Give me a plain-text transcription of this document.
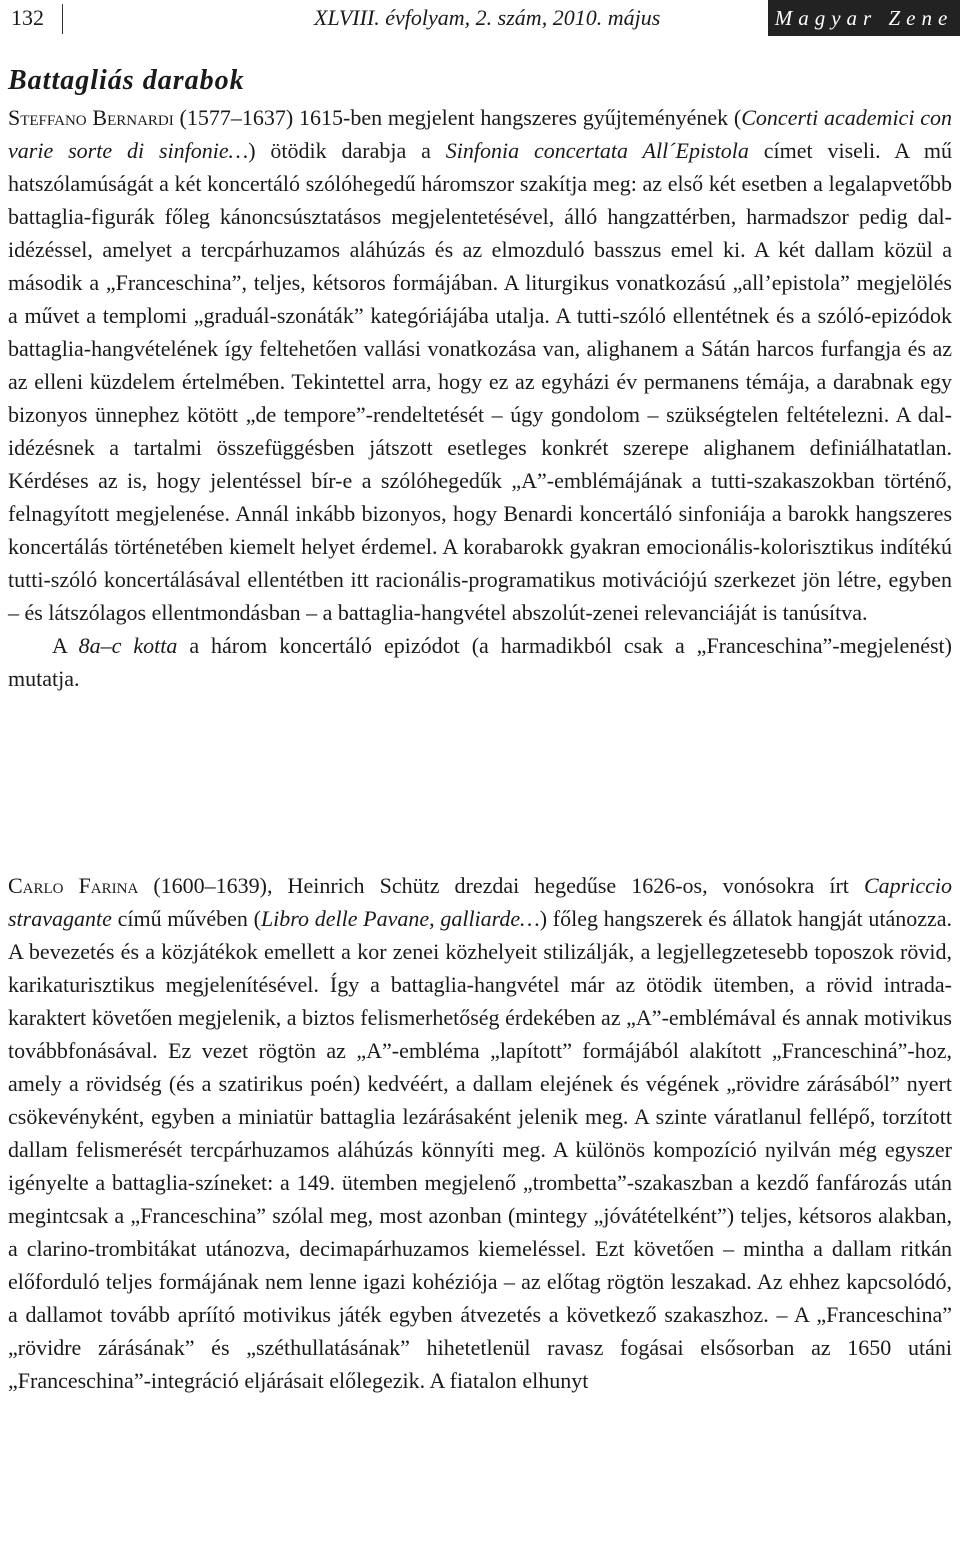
132	XLVIII. évfolyam, 2. szám, 2010. május	Magyar Zene
Battagliás darabok

Steffano Bernardi (1577–1637) 1615-ben megjelent hangszeres gyűjteményének (Concerti academici con varie sorte di sinfonie…) ötödik darabja a Sinfonia concertata All´Epistola címet viseli. A mű hatszólamúságát a két koncertáló szólóhegedű háromszor szakítja meg: az első két esetben a legalapvetőbb battaglia-figurák főleg kánoncsúsztatásos megjelentetésével, álló hangzattérben, harmadszor pedig dal-idézéssel, amelyet a tercpárhuzamos aláhúzás és az elmozduló basszus emel ki. A két dallam közül a második a „Franceschina”, teljes, kétsoros formájában. A liturgikus vonatkozású „all’epistola” megjelölés a művet a templomi „graduál-szonáták” kategóriájába utalja. A tutti-szóló ellentétnek és a szóló-epizódok battaglia-hangvételének így feltehetően vallási vonatkozása van, alighanem a Sátán harcos furfangja és az az elleni küzdelem értelmében. Tekintettel arra, hogy ez az egyházi év permanens témája, a darabnak egy bizonyos ünnephez kötött „de tempore”-rendeltetését – úgy gondolom – szükségtelen feltételezni. A dal-idézésnek a tartalmi összefüggésben játszott esetleges konkrét szerepe alighanem definiálhatatlan. Kérdéses az is, hogy jelentéssel bír-e a szólóhegedűk „A”-emblémájának a tutti-szakaszokban történő, felnagyított megjelenése. Annál inkább bizonyos, hogy Benardi koncertáló sinfoniája a barokk hangszeres koncertálás történetében kiemelt helyet érdemel. A korabarokk gyakran emocionális-kolorisztikus indítékú tutti-szóló koncertálásával ellentétben itt racionális-programatikus motivációjú szerkezet jön létre, egyben – és látszólagos ellentmondásban – a battaglia-hangvétel abszolút-zenei relevanciáját is tanúsítva.

A 8a–c kotta a három koncertáló epizódot (a harmadikból csak a „Franceschina”-megjelenést) mutatja.

Carlo Farina (1600–1639), Heinrich Schütz drezdai hegedűse 1626-os, vonósokra írt Capriccio stravagante című művében (Libro delle Pavane, galliarde…) főleg hangszerek és állatok hangját utánozza. A bevezetés és a közjátékok emellett a kor zenei közhelyeit stilizálják, a legjellegzetesebb toposzok rövid, karikaturisztikus megjelenítésével. Így a battaglia-hangvétel már az ötödik ütemben, a rövid intrada-karaktert követően megjelenik, a biztos felismerhetőség érdekében az „A”-emblémával és annak motivikus továbbfonásával. Ez vezet rögtön az „A”-embléma „lapított” formájából alakított „Franceschiná”-hoz, amely a rövidség (és a szatirikus poén) kedvéért, a dallam elejének és végének „rövidre zárásából” nyert csökevényként, egyben a miniatür battaglia lezárásaként jelenik meg. A szinte váratlanul fellépő, torzított dallam felismerését tercpárhuzamos aláhúzás könnyíti meg. A különös kompozíció nyilván még egyszer igényelte a battaglia-színeket: a 149. ütemben megjelenő „trombetta”-szakaszban a kezdő fanfározás után megintcsak a „Franceschina” szólal meg, most azonban (mintegy „jóvátételként”) teljes, kétsoros alakban, a clarino-trombitákat utánozva, decimapárhuzamos kiemeléssel. Ezt követően – mintha a dallam ritkán előforduló teljes formájának nem lenne igazi kohéziója – az előtag rögtön leszakad. Az ehhez kapcsolódó, a dallamot tovább apríító motivikus játék egyben átvezetés a következő szakaszhoz. – A „Franceschina” „rövidre zárásának” és „széthullatásának” hihetetlenül ravasz fogásai elsősorban az 1650 utáni „Franceschina”-integráció eljárásait előlegezik. A fiatalon elhunyt
